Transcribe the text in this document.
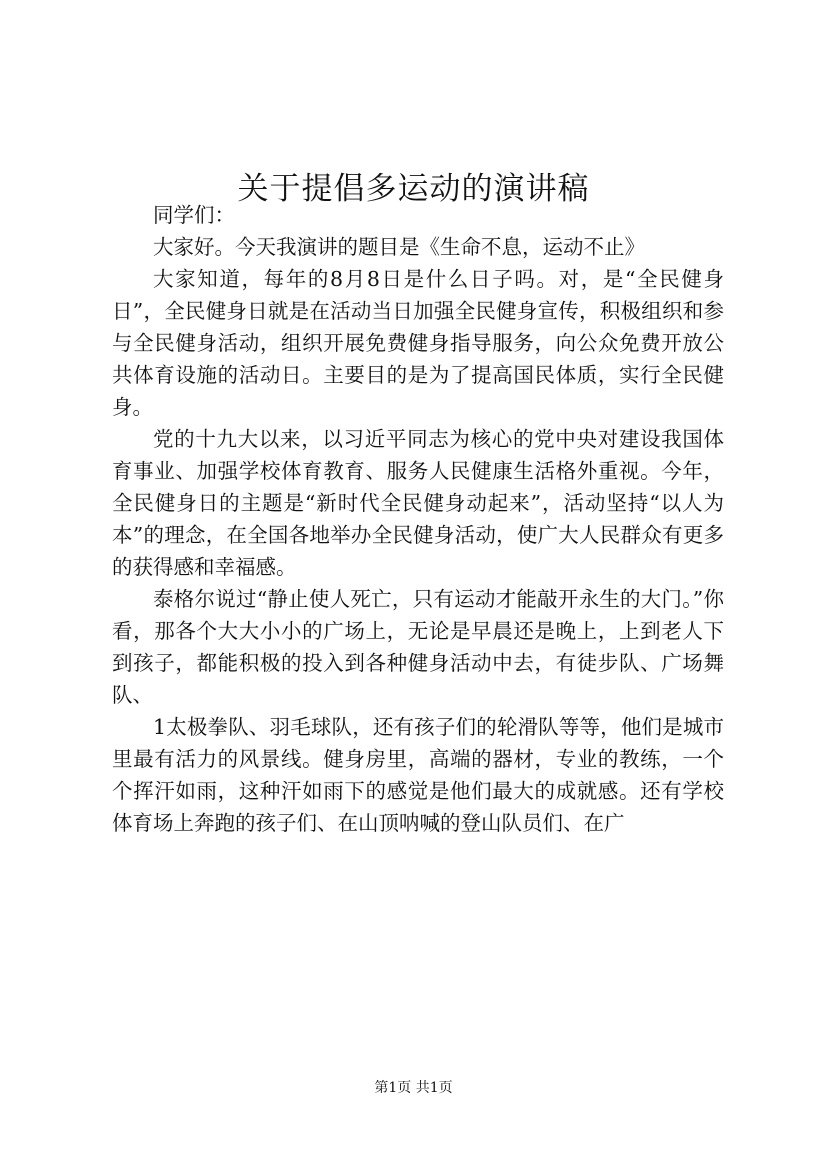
关于提倡多运动的演讲稿

同学们：

大家好。今天我演讲的题目是《生命不息，运动不止》

大家知道，每年的8月8日是什么日子吗。对，是“全民健身日”，全民健身日就是在活动当日加强全民健身宣传，积极组织和参与全民健身活动，组织开展免费健身指导服务，向公众免费开放公共体育设施的活动日。主要目的是为了提高国民体质，实行全民健身。

党的十九大以来，以习近平同志为核心的党中央对建设我国体育事业、加强学校体育教育、服务人民健康生活格外重视。今年，全民健身日的主题是“新时代全民健身动起来”，活动坚持“以人为本”的理念，在全国各地举办全民健身活动，使广大人民群众有更多的获得感和幸福感。

泰格尔说过“静止使人死亡，只有运动才能敲开永生的大门。”你看，那各个大大小小的广场上，无论是早晨还是晚上，上到老人下到孩子，都能积极的投入到各种健身活动中去，有徒步队、广场舞队、

1太极拳队、羽毛球队，还有孩子们的轮滑队等等，他们是城市里最有活力的风景线。健身房里，高端的器材，专业的教练，一个个挥汗如雨，这种汗如雨下的感觉是他们最大的成就感。还有学校体育场上奔跑的孩子们、在山顶呐喊的登山队员们、在广

第1页 共1页
